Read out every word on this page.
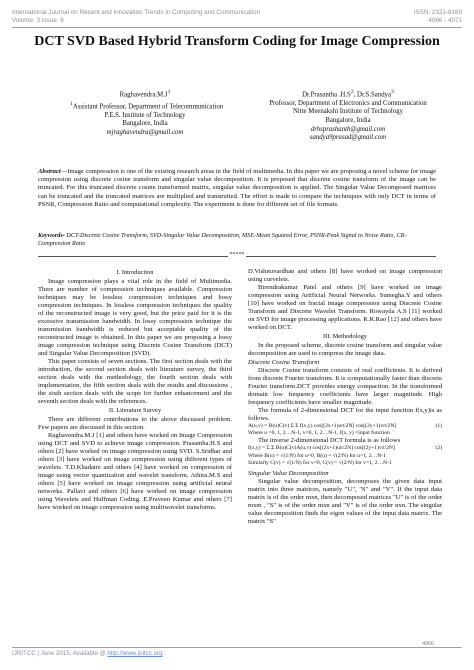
International Journal on Recent and Innovation Trends in Computing and Communication
Volume: 3 Issue: 6
ISSN: 2321-8169
4066 - 4071
DCT SVD Based Hybrid Transform Coding for Image Compression
$Raghavendra.M.J^1$
$^1$Assistant Professor, Department of Telecommunication
P.E.S. Institute of Technology
Bangalore, India
mjraghavendra@gmail.com
Dr.Prasantha $.H.S^2$, Dr.S.Sandya$^3$
Professor, Department of Electronics and Communication
Nitte Meenakshi Institute of Technology
Bangalore, India
drhsprashanth@gmail.com
sandya9prasad@gmail.com
Abstract—Image compression is one of the existing research areas in the field of multimedia. In this paper we are proposing a novel scheme for image compression using discrete cosine transform and singular value decomposition. It is proposed that discrete cosine transform of the image can be truncated. For this truncated discrete cosine transformed matrix, singular value decomposition is applied. The Singular Value Decomposed matrices can be truncated and the truncated matrices are multiplied and transmitted. The effort is made to compare the techniques with only DCT in terms of PSNR, Compression Ratio and computational complexity. The experiment is done for different set of file formats.
Keywords- DCT-Discrete Cosine Transform, SVD-Singular Value Decomposition, MSE-Mean Squared Error, PSNR-Peak Signal to Noise Ratio, CR-Compression Ratio
*****
I. Introduction

Image compression plays a vital role in the field of Multimedia. There are number of compression techniques available. Compression techniques may be lossless compression techniques and lossy compression techniques. In lossless compression techniques the quality of the reconstructed image is very good, but the price paid for it is the excessive transmission bandwidth. In lossy compression technique the transmission bandwidth is reduced but acceptable quality of the reconstructed image is obtained. In this paper we are proposing a lossy image compression technique using Discrete Cosine Transform (DCT) and Singular Value Decomposition (SVD).

This paper consists of seven sections. The first section deals with the introduction, the second section deals with literature survey, the third section deals with the methodology, the fourth section deals with implementation, the fifth section deals with the results and discussions , the sixth section deals with the scope for further enhancement and the seventh section deals with the references.

II. Literature Survey

There are different contributions to the above discussed problem. Few papers are discussed in this section.

Raghavendra.M.J [1] and others have worked on Image Compression using DCT and SVD to achieve image compression. Prasantha.H.S and others [2] have worked on image compression using SVD. S.Sridhar and others [3] have worked on image compression using different types of wavelets. T.D.Khadatre and others [4] have worked on compression of image using vector quantization and wavelet transform. Athira.M.S and others [5] have worked on image compression using artificial neural networks. Pallavi and others [6] have worked on image compression using Wavelets and Huffman Coding. E.Praveen Kumar and others [7] have worked on image compression using multiwavelet transforms.

D.Vishnuvardhan and others [8] have worked on image compression using curvelets.

Birendrakumar Patel and others [9] have worked on image compression using Artificial Neural Networks. Sumegha.Y and others [10] have worked on fractal image compression using Discrete Cosine Transform and Discrete Wavelet Transform. Rowayda A.S [11] worked on SVD for image processing applications. K.R.Rao [12] and others have worked on DCT.

III. Methodology

In the proposed scheme, discrete cosine transform and singular value decomposition are used to compress the image data.

Discrete Cosine Transform

Discrete Cosine transform consists of real coefficients. It is derived from discrete Fourier transform. It is computationally faster than discrete Fourier transform.DCT provides energy compaction. In the transformed domain low frequency coefficients have larger magnitude. High frequency coefficients have smaller magnitude.

The formula of 2-dimensional DCT for the input function f(x,y)is as follows.

(1)
A(u,v) = B(u)C(v) Σ Σ f(x,y) cos[(2x+1)uπ/2N] cos[(2y+1)vπ/2N]
Where u =0, 1, 2…N-1, v=0, 1, 2…N-1, f(x, y) =input function

The inverse 2-dimensional DCT formula is as follows

(2)
f(x,y) = Σ Σ B(u)C(v)A(u,v) cos[(2x+1)uπ/2N] cos[(2y+1)vπ/2N]
Where B(u) = √(1/N) for u=0, B(u) = √(2/N) for u=1, 2…N-1
Similarly C(v) = √(1/N) for v=0, C(v) = √(2/N) for v=1, 2…N-1
Singular Value Decomposition

Singular value decomposition, decomposes the given data input matrix into three matrices, namely "U", "S" and "V". If the input data matrix is of the order mxn, then decomposed matrices "U" is of the order mxm , "S" is of the order mxn and "V" is of the order nxn. The singular value decomposition finds the eigen values of the input data matrix. The matrix "S"

4066
IJRITCC | June 2015, Available @ http://www.ijritcc.org
